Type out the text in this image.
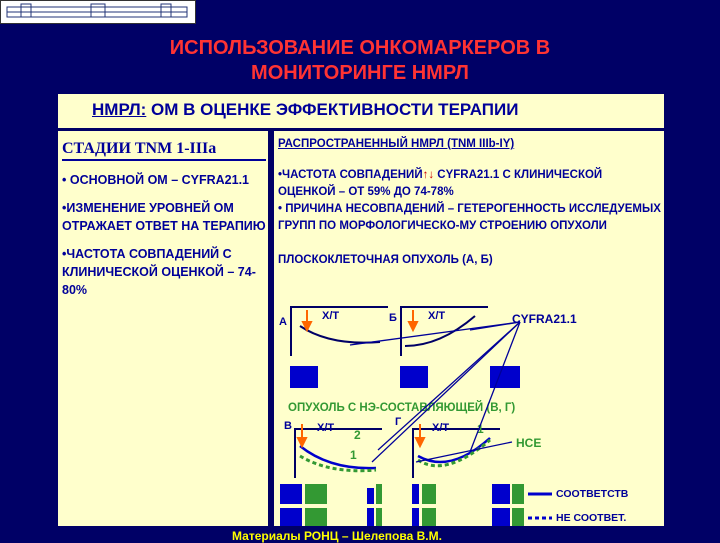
ИСПОЛЬЗОВАНИЕ ОНКОМАРКЕРОВ В
МОНИТОРИНГЕ НМРЛ
НМРЛ: ОМ В ОЦЕНКЕ ЭФФЕКТИВНОСТИ ТЕРАПИИ
СТАДИИ TNM 1-IIIa

• ОСНОВНОЙ ОМ – CYFRA21.1

•ИЗМЕНЕНИЕ УРОВНЕЙ ОМ ОТРАЖАЕТ ОТВЕТ НА ТЕРАПИЮ

•ЧАСТОТА СОВПАДЕНИЙ С КЛИНИЧЕСКОЙ ОЦЕНКОЙ – 74-80%

РАСПРОСТРАНЕННЫЙ НМРЛ (TNM IIIb-IY)

•ЧАСТОТА СОВПАДЕНИЙ↑↓ CYFRA21.1 С КЛИНИЧЕСКОЙ ОЦЕНКОЙ – ОТ 59% ДО 74-78%

• ПРИЧИНА НЕСОВПАДЕНИЙ – ГЕТЕРОГЕННОСТЬ ИССЛЕДУЕМЫХ ГРУПП ПО МОРФОЛОГИЧЕСКО-МУ СТРОЕНИЮ ОПУХОЛИ

ПЛОСКОКЛЕТОЧНАЯ ОПУХОЛЬ (А, Б)

А	Б
В	Г
Х/Т	Х/Т
Х/Т	Х/Т
CYFRA21.1
ОПУХОЛЬ С НЭ-СОСТАВЛЯЮЩЕЙ (В, Г)
НСЕ
2
1
1
СООТВЕТСТВ
НЕ СООТВЕТ.
Материалы РОНЦ – Шелепова В.М.
